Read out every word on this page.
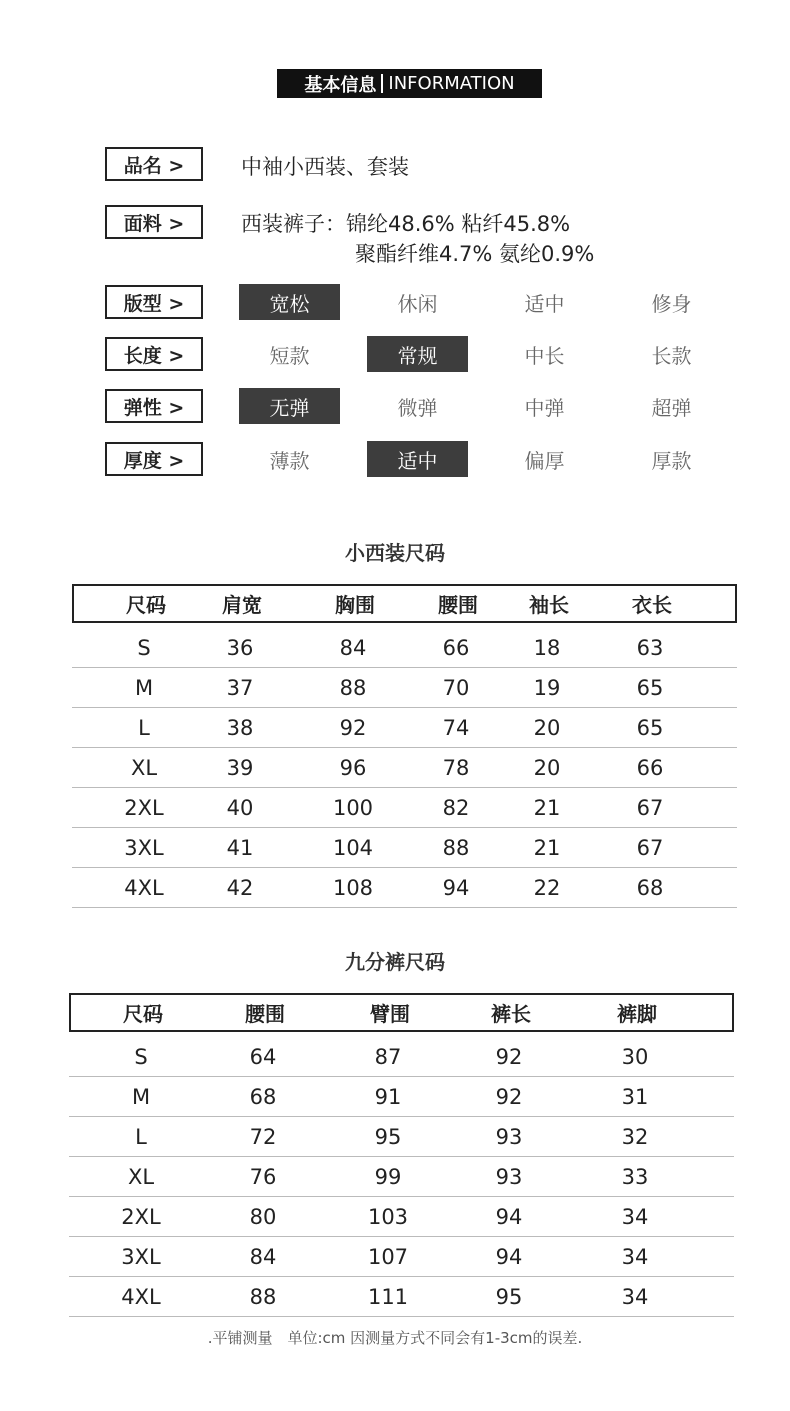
基本信息 INFORMATION
品名 >	中袖小西装、套装
面料 >	西装裤子：锦纶48.6% 粘纤45.8%
聚酯纤维4.7% 氨纶0.9%
版型 >	宽松	休闲	适中	修身
长度 >	短款	常规	中长	长款
弹性 >	无弹	微弹	中弹	超弹
厚度 >	薄款	适中	偏厚	厚款
小西装尺码
尺码	肩宽	胸围	腰围	袖长	衣长
S	36	84	66	18	63
M	37	88	70	19	65
L	38	92	74	20	65
XL	39	96	78	20	66
2XL	40	100	82	21	67
3XL	41	104	88	21	67
4XL	42	108	94	22	68
九分裤尺码
尺码	腰围	臂围	裤长	裤脚
S	64	87	92	30
M	68	91	92	31
L	72	95	93	32
XL	76	99	93	33
2XL	80	103	94	34
3XL	84	107	94	34
4XL	88	111	95	34
.平铺测量　单位:cm 因测量方式不同会有1-3cm的误差.
